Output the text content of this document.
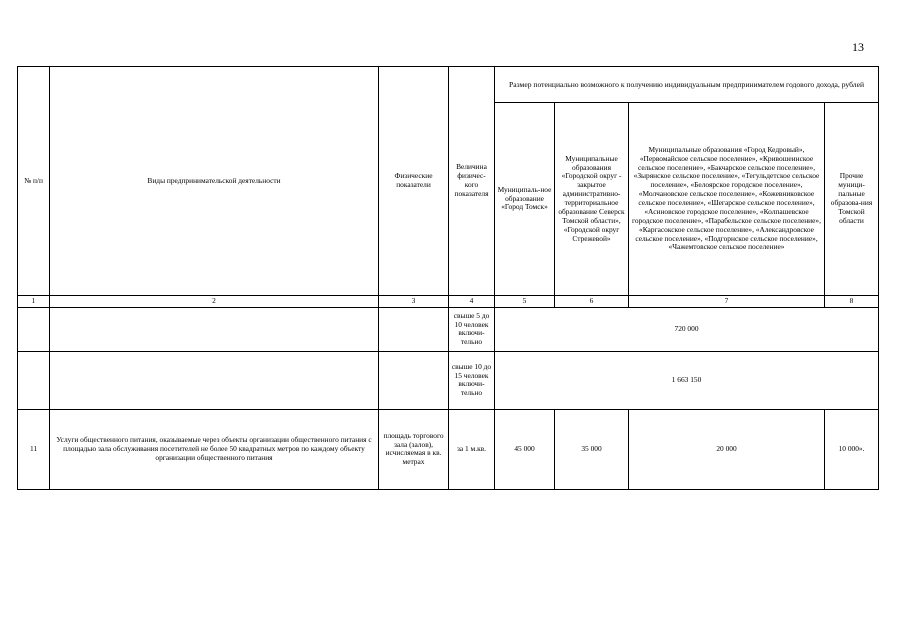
13
№ п/п	Виды предпринимательской деятельности	Физические показатели	Величина физичес-кого показателя	Размер потенциально возможного к получению индивидуальным предпринимателем годового дохода, рублей			
				Муниципаль-ное образование «Город Томск»	Муниципальные образования «Городской округ - закрытое административно-территориальное образование Северск Томской области», «Городской округ Стрежевой»	Муниципальные образования «Город Кедровый», «Первомайское сельское поселение», «Кривошеинское сельское поселение», «Бакчарское сельское поселение», «Зырянское сельское поселение», «Тегульдетское сельское поселение», «Белоярское городское поселение», «Молчановское сельское поселение», «Кожевниковское сельское поселение», «Шегарское сельское поселение», «Асиновское городское поселение», «Колпашевское городское поселение», «Парабельское сельское поселение», «Каргасокское сельское поселение», «Александровское сельское поселение», «Подгорнское сельское поселение», «Чажемтовское сельское поселение»	Прочие муници-пальные образова-ния Томской области
1	2	3	4	5	6	7	8
			свыше 5 до 10 человек включи-тельно	720 000			
			свыше 10 до 15 человек включи-тельно	1 663 150			
11	Услуги общественного питания, оказываемые через объекты организации общественного питания с площадью зала обслуживания посетителей не более 50 квадратных метров по каждому объекту организации общественного питания	площадь торгового зала (залов), исчисляемая в кв. метрах	за 1 м.кв.	45 000	35 000	20 000	10 000».
